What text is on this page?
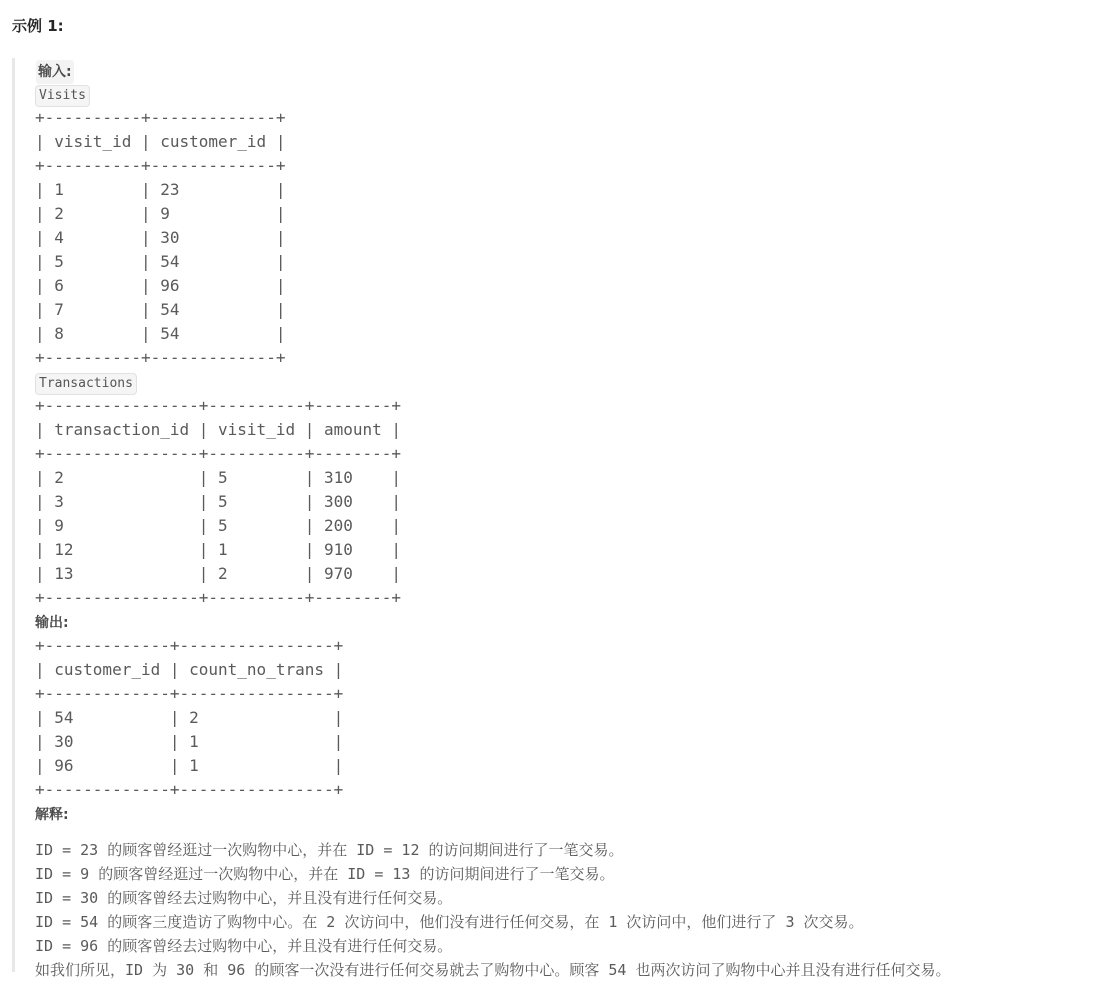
示例 1:
输入:
Visits
+----------+-------------+
| visit_id | customer_id |
+----------+-------------+
| 1        | 23          |
| 2        | 9           |
| 4        | 30          |
| 5        | 54          |
| 6        | 96          |
| 7        | 54          |
| 8        | 54          |
+----------+-------------+
Transactions
+----------------+----------+--------+
| transaction_id | visit_id | amount |
+----------------+----------+--------+
| 2              | 5        | 310    |
| 3              | 5        | 300    |
| 9              | 5        | 200    |
| 12             | 1        | 910    |
| 13             | 2        | 970    |
+----------------+----------+--------+
输出:
+-------------+----------------+
| customer_id | count_no_trans |
+-------------+----------------+
| 54          | 2              |
| 30          | 1              |
| 96          | 1              |
+-------------+----------------+
解释:
ID = 23 的顾客曾经逛过一次购物中心，并在 ID = 12 的访问期间进行了一笔交易。
ID = 9 的顾客曾经逛过一次购物中心，并在 ID = 13 的访问期间进行了一笔交易。
ID = 30 的顾客曾经去过购物中心，并且没有进行任何交易。
ID = 54 的顾客三度造访了购物中心。在 2 次访问中，他们没有进行任何交易，在 1 次访问中，他们进行了 3 次交易。
ID = 96 的顾客曾经去过购物中心，并且没有进行任何交易。
如我们所见，ID 为 30 和 96 的顾客一次没有进行任何交易就去了购物中心。顾客 54 也两次访问了购物中心并且没有进行任何交易。
